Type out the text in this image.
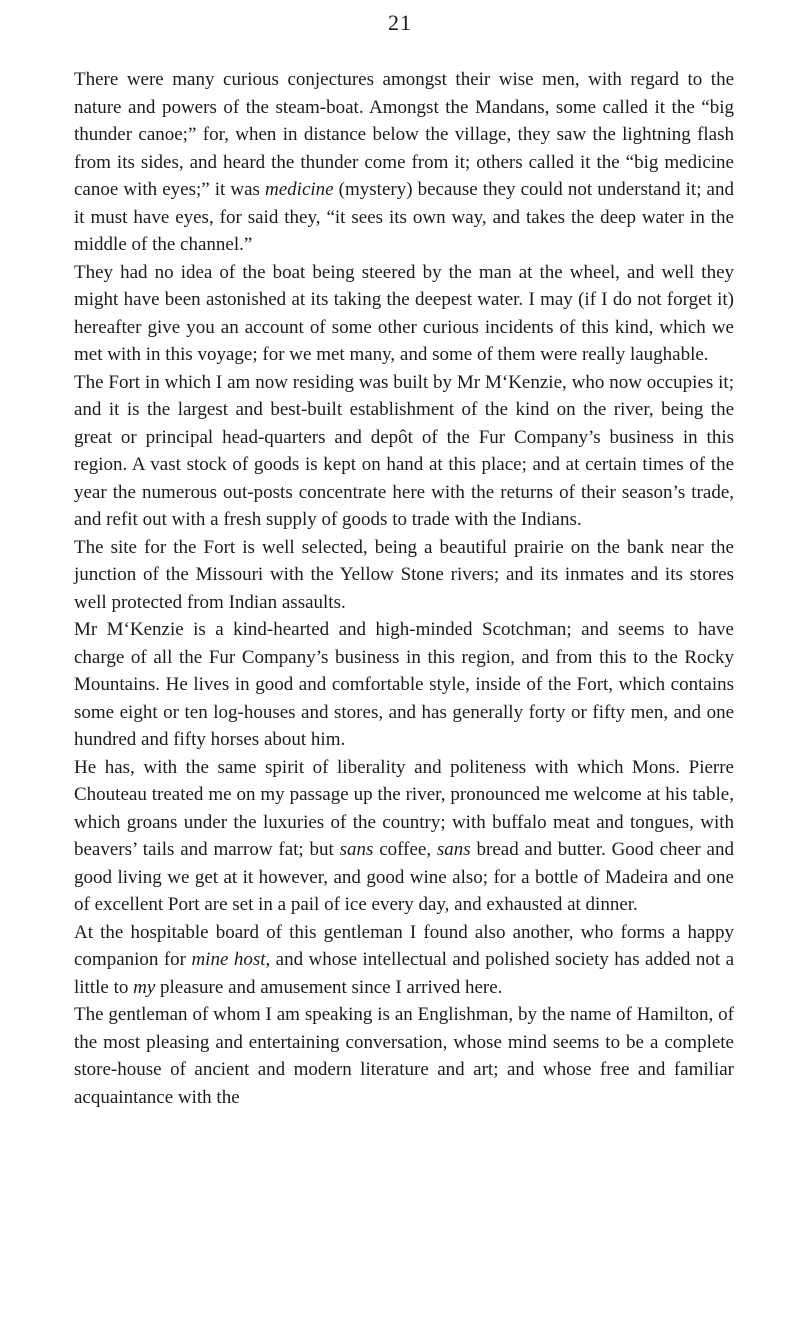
21

There were many curious conjectures amongst their wise men, with regard to the nature and powers of the steam-boat. Amongst the Mandans, some called it the “big thunder canoe;” for, when in distance below the village, they saw the lightning flash from its sides, and heard the thunder come from it; others called it the “big medicine canoe with eyes;” it was medicine (mystery) because they could not understand it; and it must have eyes, for said they, “it sees its own way, and takes the deep water in the middle of the channel.”

They had no idea of the boat being steered by the man at the wheel, and well they might have been astonished at its taking the deepest water. I may (if I do not forget it) hereafter give you an account of some other curious incidents of this kind, which we met with in this voyage; for we met many, and some of them were really laughable.

The Fort in which I am now residing was built by Mr M‘Kenzie, who now occupies it; and it is the largest and best-built establishment of the kind on the river, being the great or principal head-quarters and depôt of the Fur Company’s business in this region. A vast stock of goods is kept on hand at this place; and at certain times of the year the numerous out-posts concentrate here with the returns of their season’s trade, and refit out with a fresh supply of goods to trade with the Indians.

The site for the Fort is well selected, being a beautiful prairie on the bank near the junction of the Missouri with the Yellow Stone rivers; and its inmates and its stores well protected from Indian assaults.

Mr M‘Kenzie is a kind-hearted and high-minded Scotchman; and seems to have charge of all the Fur Company’s business in this region, and from this to the Rocky Mountains. He lives in good and comfortable style, inside of the Fort, which contains some eight or ten log-houses and stores, and has generally forty or fifty men, and one hundred and fifty horses about him.

He has, with the same spirit of liberality and politeness with which Mons. Pierre Chouteau treated me on my passage up the river, pronounced me welcome at his table, which groans under the luxuries of the country; with buffalo meat and tongues, with beavers’ tails and marrow fat; but sans coffee, sans bread and butter. Good cheer and good living we get at it however, and good wine also; for a bottle of Madeira and one of excellent Port are set in a pail of ice every day, and exhausted at dinner.

At the hospitable board of this gentleman I found also another, who forms a happy companion for mine host, and whose intellectual and polished society has added not a little to my pleasure and amusement since I arrived here.

The gentleman of whom I am speaking is an Englishman, by the name of Hamilton, of the most pleasing and entertaining conversation, whose mind seems to be a complete store-house of ancient and modern literature and art; and whose free and familiar acquaintance with the
